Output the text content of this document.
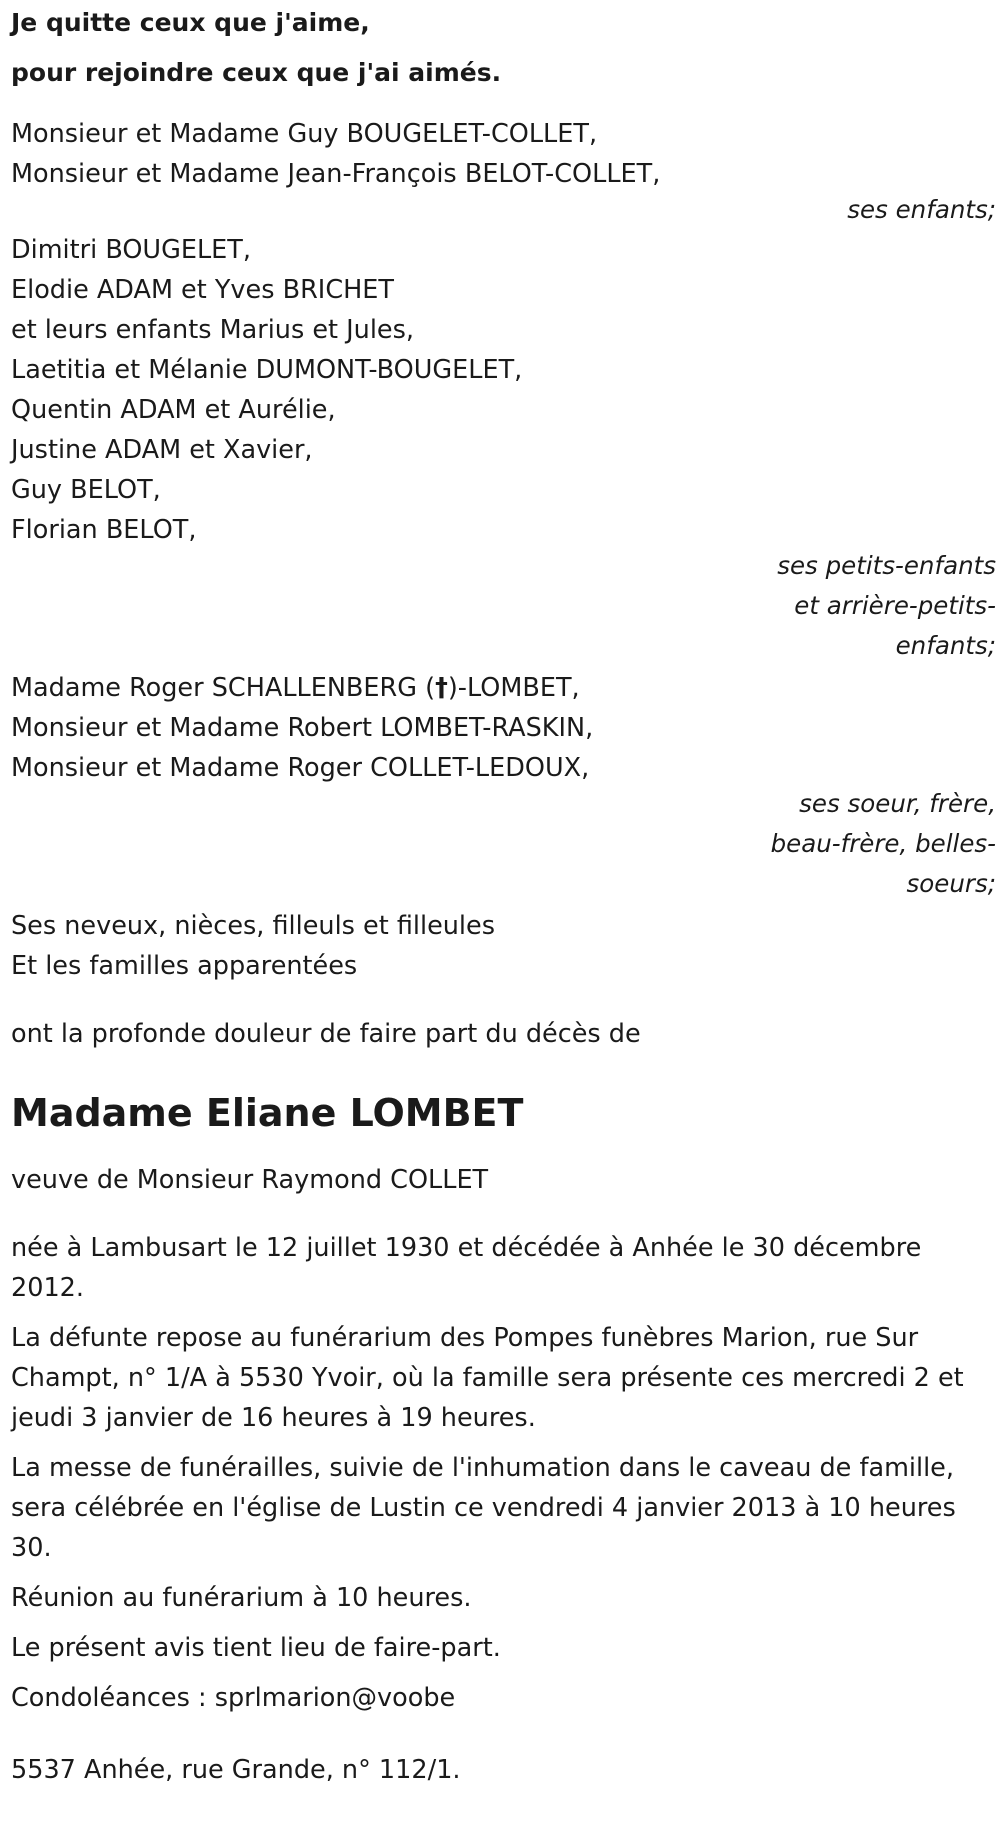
Je quitte ceux que j'aime,
pour rejoindre ceux que j'ai aimés.
Monsieur et Madame Guy BOUGELET-COLLET,
Monsieur et Madame Jean-François BELOT-COLLET,
ses enfants;
Dimitri BOUGELET,
Elodie ADAM et Yves BRICHET
et leurs enfants Marius et Jules,
Laetitia et Mélanie DUMONT-BOUGELET,
Quentin ADAM et Aurélie,
Justine ADAM et Xavier,
Guy BELOT,
Florian BELOT,
ses petits-enfants
et arrière-petits-
enfants;
Madame Roger SCHALLENBERG (†)-LOMBET,
Monsieur et Madame Robert LOMBET-RASKIN,
Monsieur et Madame Roger COLLET-LEDOUX,
ses soeur, frère,
beau-frère, belles-
soeurs;
Ses neveux, nièces, filleuls et filleules
Et les familles apparentées
ont la profonde douleur de faire part du décès de
Madame Eliane LOMBET
veuve de Monsieur Raymond COLLET
née à Lambusart le 12 juillet 1930 et décédée à Anhée le 30 décembre 2012.
La défunte repose au funérarium des Pompes funèbres Marion, rue Sur Champt, n° 1/A à 5530 Yvoir, où la famille sera présente ces mercredi 2 et jeudi 3 janvier de 16 heures à 19 heures.
La messe de funérailles, suivie de l'inhumation dans le caveau de famille, sera célébrée en l'église de Lustin ce vendredi 4 janvier 2013 à 10 heures 30.
Réunion au funérarium à 10 heures.
Le présent avis tient lieu de faire-part.
Condoléances : sprlmarion@voobe
5537 Anhée, rue Grande, n° 112/1.
